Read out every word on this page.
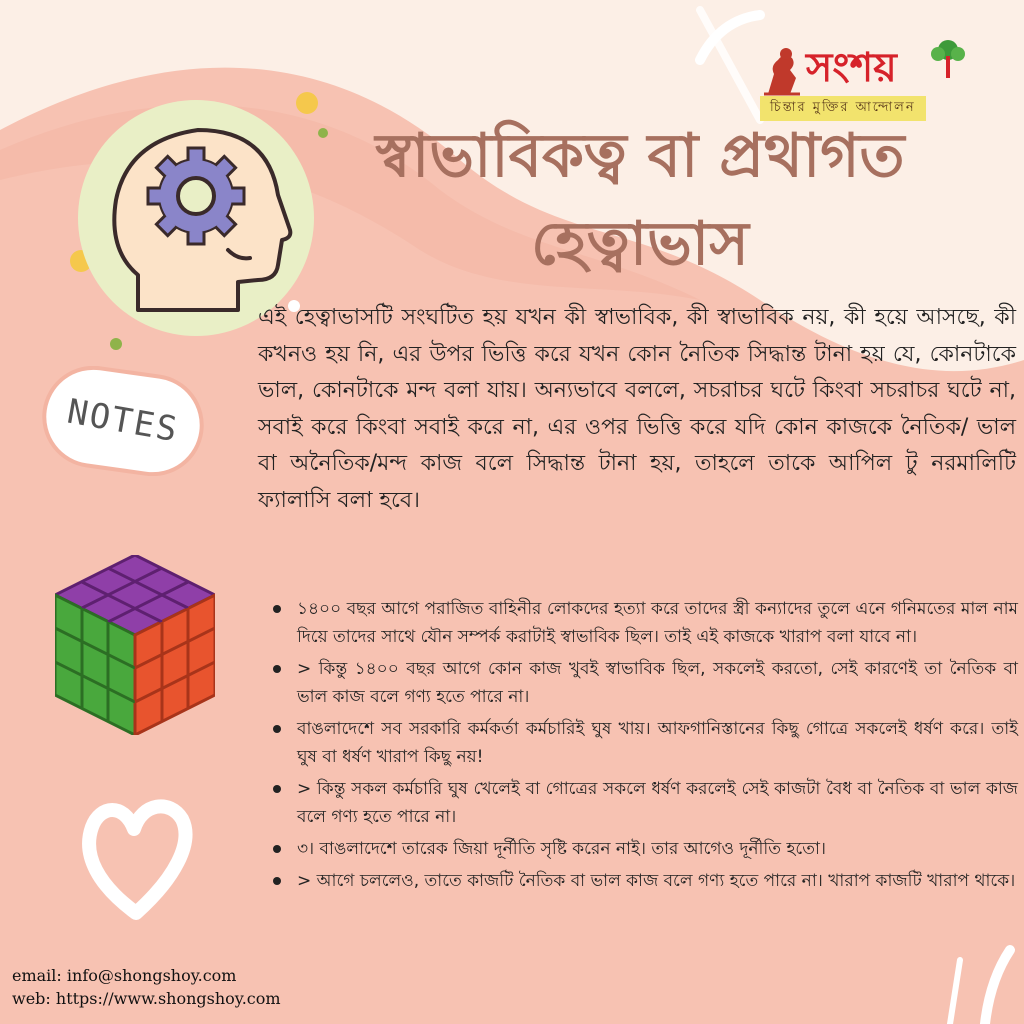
সংশয়
চিন্তার মুক্তির আন্দোলন
স্বাভাবিকত্ব বা প্রথাগত হেত্বাভাস
NOTES

এই হেত্বাভাসটি সংঘটিত হয় যখন কী স্বাভাবিক, কী স্বাভাবিক নয়, কী হয়ে আসছে, কী কখনও হয় নি, এর উপর ভিত্তি করে যখন কোন নৈতিক সিদ্ধান্ত টানা হয় যে, কোনটাকে ভাল, কোনটাকে মন্দ বলা যায়। অন্যভাবে বললে, সচরাচর ঘটে কিংবা সচরাচর ঘটে না, সবাই করে কিংবা সবাই করে না, এর ওপর ভিত্তি করে যদি কোন কাজকে নৈতিক/ ভাল বা অনৈতিক/মন্দ কাজ বলে সিদ্ধান্ত টানা হয়, তাহলে তাকে আপিল টু নরমালিটি ফ্যালাসি বলা হবে।

১৪০০ বছর আগে পরাজিত বাহিনীর লোকদের হত্যা করে তাদের স্ত্রী কন্যাদের তুলে এনে গনিমতের মাল নাম দিয়ে তাদের সাথে যৌন সম্পর্ক করাটাই স্বাভাবিক ছিল। তাই এই কাজকে খারাপ বলা যাবে না।
> কিন্তু ১৪০০ বছর আগে কোন কাজ খুবই স্বাভাবিক ছিল, সকলেই করতো, সেই কারণেই তা নৈতিক বা ভাল কাজ বলে গণ্য হতে পারে না।
বাঙলাদেশে সব সরকারি কর্মকর্তা কর্মচারিই ঘুষ খায়। আফগানিস্তানের কিছু গোত্রে সকলেই ধর্ষণ করে। তাই ঘুষ বা ধর্ষণ খারাপ কিছু নয়!
> কিন্তু সকল কর্মচারি ঘুষ খেলেই বা গোত্রের সকলে ধর্ষণ করলেই সেই কাজটা বৈধ বা নৈতিক বা ভাল কাজ বলে গণ্য হতে পারে না।
৩। বাঙলাদেশে তারেক জিয়া দূর্নীতি সৃষ্টি করেন নাই। তার আগেও দূর্নীতি হতো।
> আগে চললেও, তাতে কাজটি নৈতিক বা ভাল কাজ বলে গণ্য হতে পারে না। খারাপ কাজটি খারাপ থাকে।
email: info@shongshoy.com
web: https://www.shongshoy.com
